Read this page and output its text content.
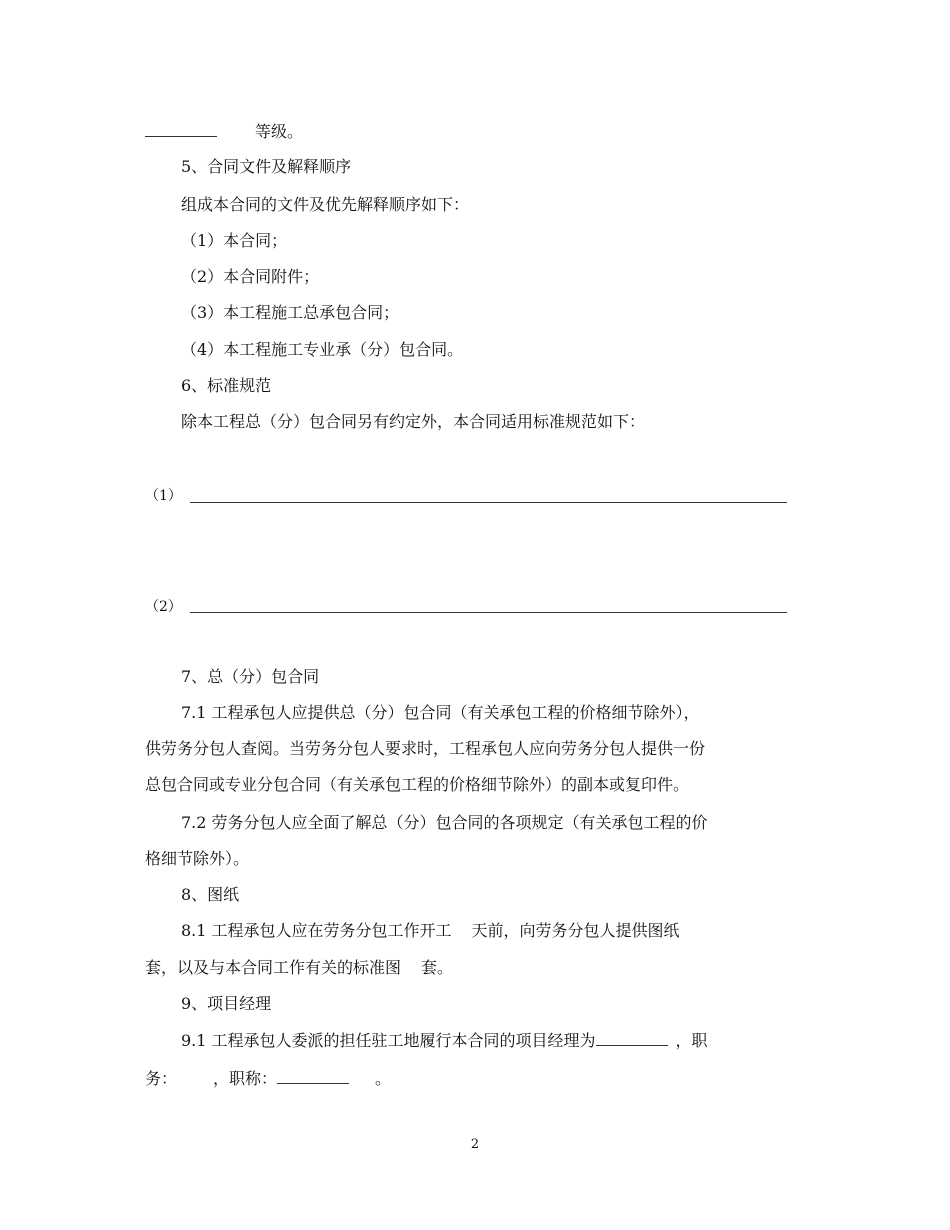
等级。
5、合同文件及解释顺序
组成本合同的文件及优先解释顺序如下：
（1）本合同；
（2）本合同附件；
（3）本工程施工总承包合同；
（4）本工程施工专业承（分）包合同。
6、标准规范
除本工程总（分）包合同另有约定外，本合同适用标准规范如下：
（1）
（2）
7、总（分）包合同
7.1 工程承包人应提供总（分）包合同（有关承包工程的价格细节除外），
供劳务分包人查阅。当劳务分包人要求时，工程承包人应向劳务分包人提供一份
总包合同或专业分包合同（有关承包工程的价格细节除外）的副本或复印件。
7.2 劳务分包人应全面了解总（分）包合同的各项规定（有关承包工程的价
格细节除外）。
8、图纸
8.1 工程承包人应在劳务分包工作开工 天前，向劳务分包人提供图纸
套，以及与本合同工作有关的标准图 套。
9、项目经理
9.1 工程承包人委派的担任驻工地履行本合同的项目经理为	，职
务： ，职称：	。
2
